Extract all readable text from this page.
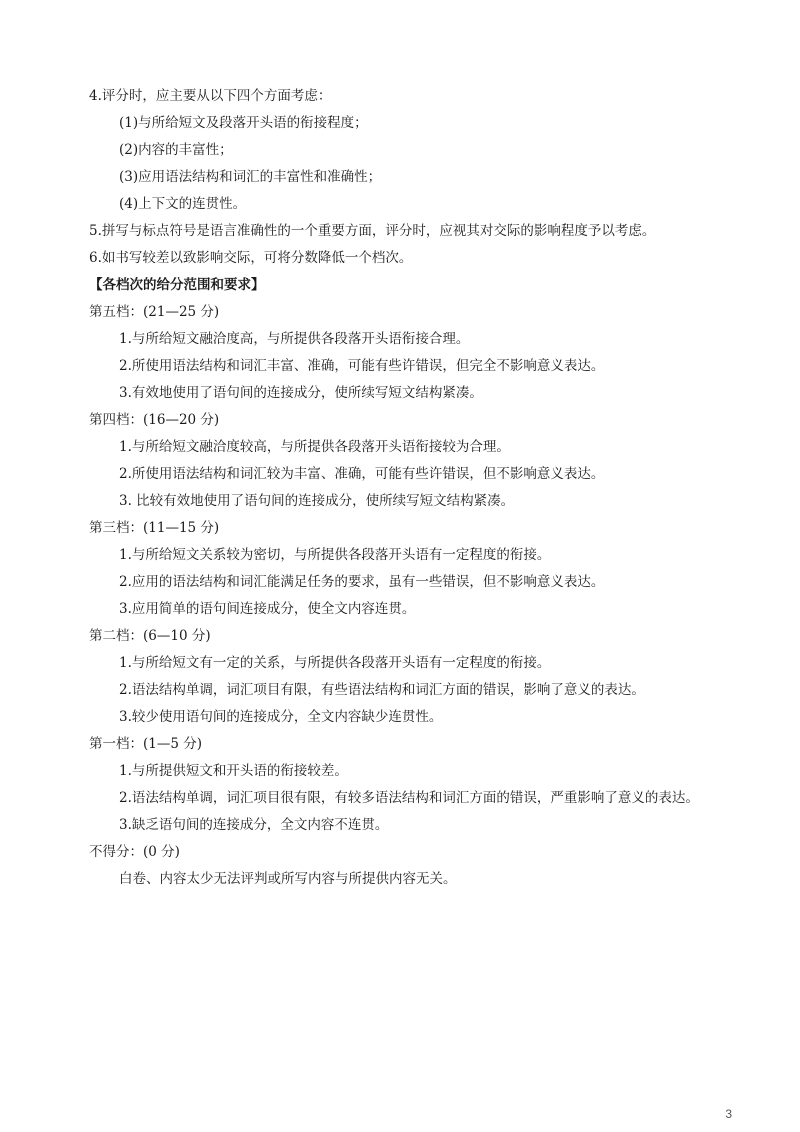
4.评分时，应主要从以下四个方面考虑：
(1)与所给短文及段落开头语的衔接程度；
(2)内容的丰富性；
(3)应用语法结构和词汇的丰富性和准确性；
(4)上下文的连贯性。
5.拼写与标点符号是语言准确性的一个重要方面，评分时，应视其对交际的影响程度予以考虑。
6.如书写较差以致影响交际，可将分数降低一个档次。
【各档次的给分范围和要求】
第五档：(21—25 分)
1.与所给短文融洽度高，与所提供各段落开头语衔接合理。
2.所使用语法结构和词汇丰富、准确，可能有些许错误，但完全不影响意义表达。
3.有效地使用了语句间的连接成分，使所续写短文结构紧凑。
第四档：(16—20 分)
1.与所给短文融洽度较高，与所提供各段落开头语衔接较为合理。
2.所使用语法结构和词汇较为丰富、准确，可能有些许错误，但不影响意义表达。
3. 比较有效地使用了语句间的连接成分，使所续写短文结构紧凑。
第三档：(11—15 分)
1.与所给短文关系较为密切，与所提供各段落开头语有一定程度的衔接。
2.应用的语法结构和词汇能满足任务的要求，虽有一些错误，但不影响意义表达。
3.应用简单的语句间连接成分，使全文内容连贯。
第二档：(6—10 分)
1.与所给短文有一定的关系，与所提供各段落开头语有一定程度的衔接。
2.语法结构单调，词汇项目有限，有些语法结构和词汇方面的错误，影响了意义的表达。
3.较少使用语句间的连接成分，全文内容缺少连贯性。
第一档：(1—5 分)
1.与所提供短文和开头语的衔接较差。
2.语法结构单调，词汇项目很有限，有较多语法结构和词汇方面的错误，严重影响了意义的表达。
3.缺乏语句间的连接成分，全文内容不连贯。
不得分：(0 分)
白卷、内容太少无法评判或所写内容与所提供内容无关。
3
